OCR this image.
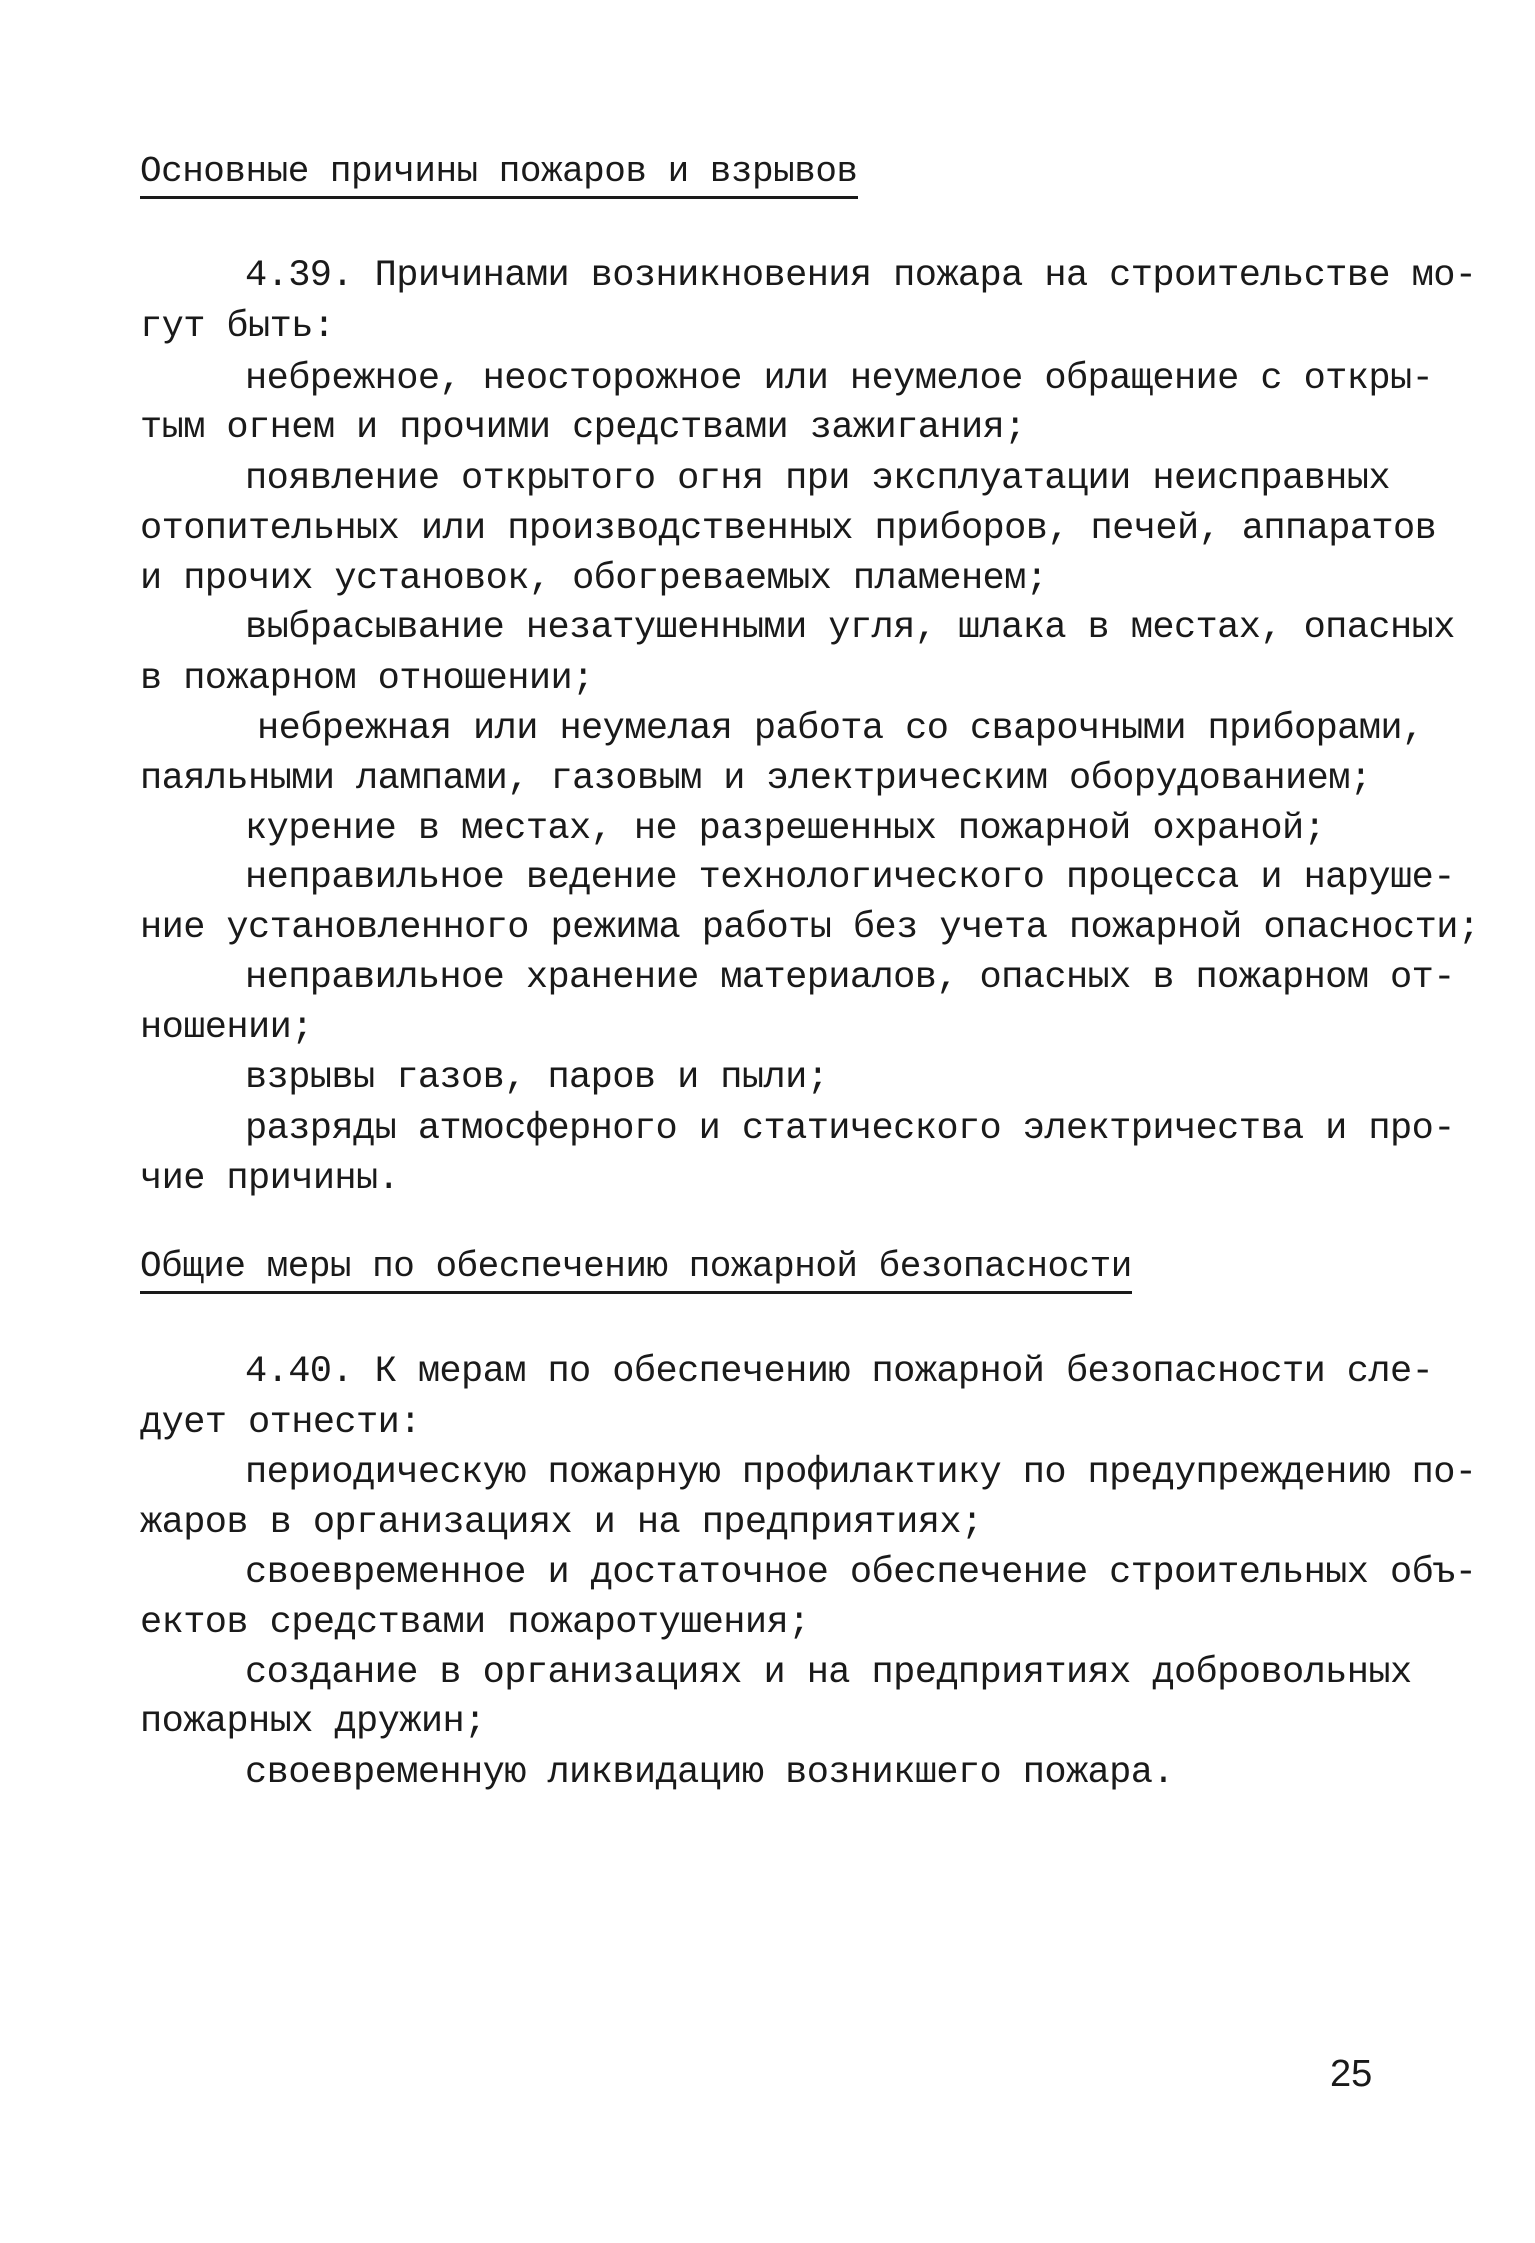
Основные причины пожаров и взрывов
4.39. Причинами возникновения пожара на строительстве мо-
гут быть:
небрежное, неосторожное или неумелое обращение с откры-
тым огнем и прочими средствами зажигания;
появление открытого огня при эксплуатации неисправных
отопительных или производственных приборов, печей, аппаратов
и прочих установок, обогреваемых пламенем;
выбрасывание незатушенными угля, шлака в местах, опасных
в пожарном отношении;
небрежная или неумелая работа со сварочными приборами,
паяльными лампами, газовым и электрическим оборудованием;
курение в местах, не разрешенных пожарной охраной;
неправильное ведение технологического процесса и наруше-
ние установленного режима работы без учета пожарной опасности;
неправильное хранение материалов, опасных в пожарном от-
ношении;
взрывы газов, паров и пыли;
разряды атмосферного и статического электричества и про-
чие причины.
Общие меры по обеспечению пожарной безопасности
4.40. К мерам по обеспечению пожарной безопасности сле-
дует отнести:
периодическую пожарную профилактику по предупреждению по-
жаров в организациях и на предприятиях;
своевременное и достаточное обеспечение строительных объ-
ектов средствами пожаротушения;
создание в организациях и на предприятиях добровольных
пожарных дружин;
своевременную ликвидацию возникшего пожара.
25
